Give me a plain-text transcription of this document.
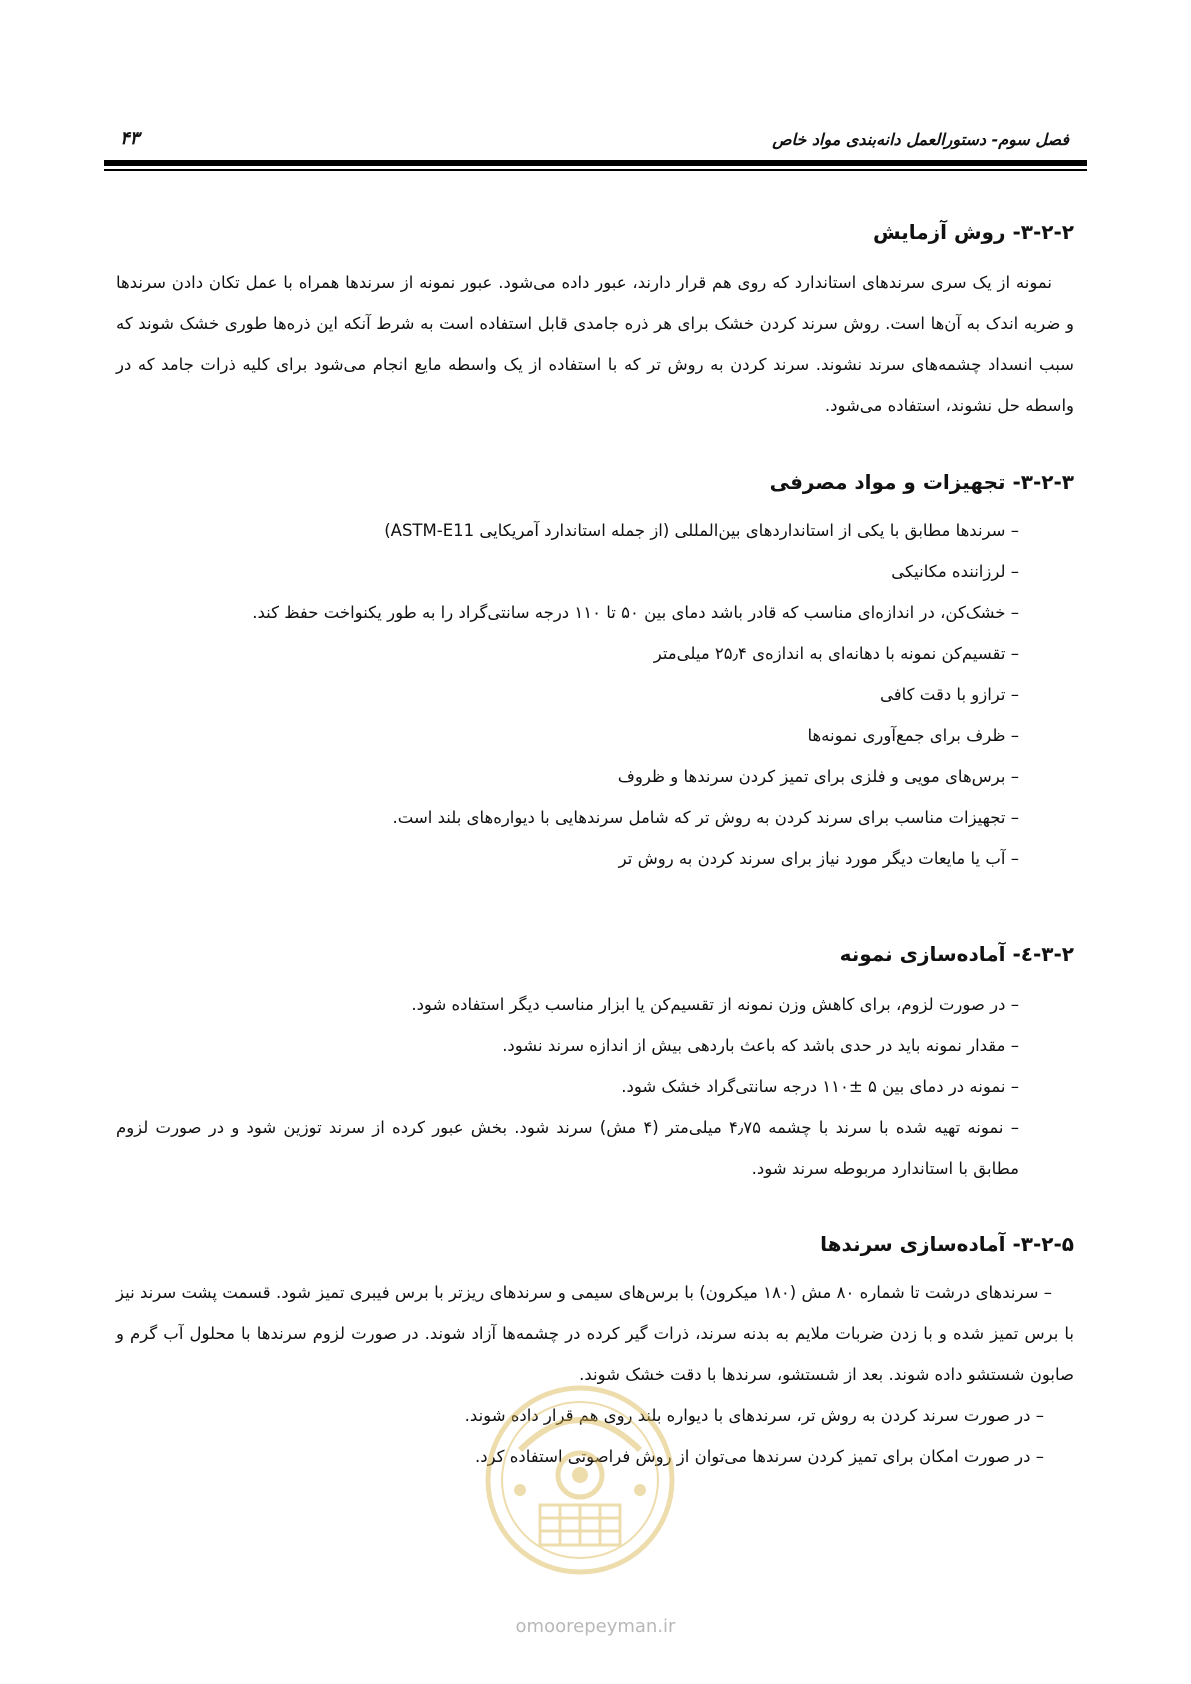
فصل سوم- دستورالعمل دانه‌بندی مواد خاص
۴۳
۳-۲-۲- روش آزمایش

نمونه از یک سری سرندهای استاندارد که روی هم قرار دارند، عبور داده می‌شود. عبور نمونه از سرندها همراه با عمل تکان دادن سرندها و ضربه اندک به آن‌ها است. روش سرند کردن خشک برای هر ذره جامدی قابل استفاده است به شرط آنکه این ذره‌ها طوری خشک شوند که سبب انسداد چشمه‌های سرند نشوند. سرند کردن به روش تر که با استفاده از یک واسطه مایع انجام می‌شود برای کلیه ذرات جامد که در واسطه حل نشوند، استفاده می‌شود.

۳-۲-۳- تجهیزات و مواد مصرفی
– سرندها مطابق با یکی از استانداردهای بین‌المللی (از جمله استاندارد آمریکایی ASTM-E11)
– لرزاننده مکانیکی
– خشک‌کن، در اندازه‌ای مناسب که قادر باشد دمای بین ۵۰ تا ۱۱۰ درجه سانتی‌گراد را به طور یکنواخت حفظ کند.
– تقسیم‌کن نمونه با دهانه‌ای به اندازه‌ی ۲۵٫۴ میلی‌متر
– ترازو با دقت کافی
– ظرف برای جمع‌آوری نمونه‌ها
– برس‌های مویی و فلزی برای تمیز کردن سرندها و ظروف
– تجهیزات مناسب برای سرند کردن به روش تر که شامل سرندهایی با دیواره‌های بلند است.
– آب یا مایعات دیگر مورد نیاز برای سرند کردن به روش تر
۳-۲-٤- آماده‌سازی نمونه
– در صورت لزوم، برای کاهش وزن نمونه از تقسیم‌کن یا ابزار مناسب دیگر استفاده شود.
– مقدار نمونه باید در حدی باشد که باعث باردهی بیش از اندازه سرند نشود.
– نمونه در دمای بین ۵ ±۱۱۰ درجه سانتی‌گراد خشک شود.

– نمونه تهیه شده با سرند با چشمه ۴٫۷۵ میلی‌متر (۴ مش) سرند شود. بخش عبور کرده از سرند توزین شود و در صورت لزوم مطابق با استاندارد مربوطه سرند شود.

۳-۲-۵- آماده‌سازی سرندها

– سرندهای درشت تا شماره ۸۰ مش (۱۸۰ میکرون) با برس‌های سیمی و سرندهای ریزتر با برس فیبری تمیز شود. قسمت پشت سرند نیز با برس تمیز شده و با زدن ضربات ملایم به بدنه سرند، ذرات گیر کرده در چشمه‌ها آزاد شوند. در صورت لزوم سرندها با محلول آب گرم و صابون شستشو داده شوند. بعد از شستشو، سرندها با دقت خشک شوند.

– در صورت سرند کردن به روش تر، سرندهای با دیواره بلند روی هم قرار داده شوند.
– در صورت امکان برای تمیز کردن سرندها می‌توان از روش فراصوتی استفاده کرد.
omoorepeyman.ir
